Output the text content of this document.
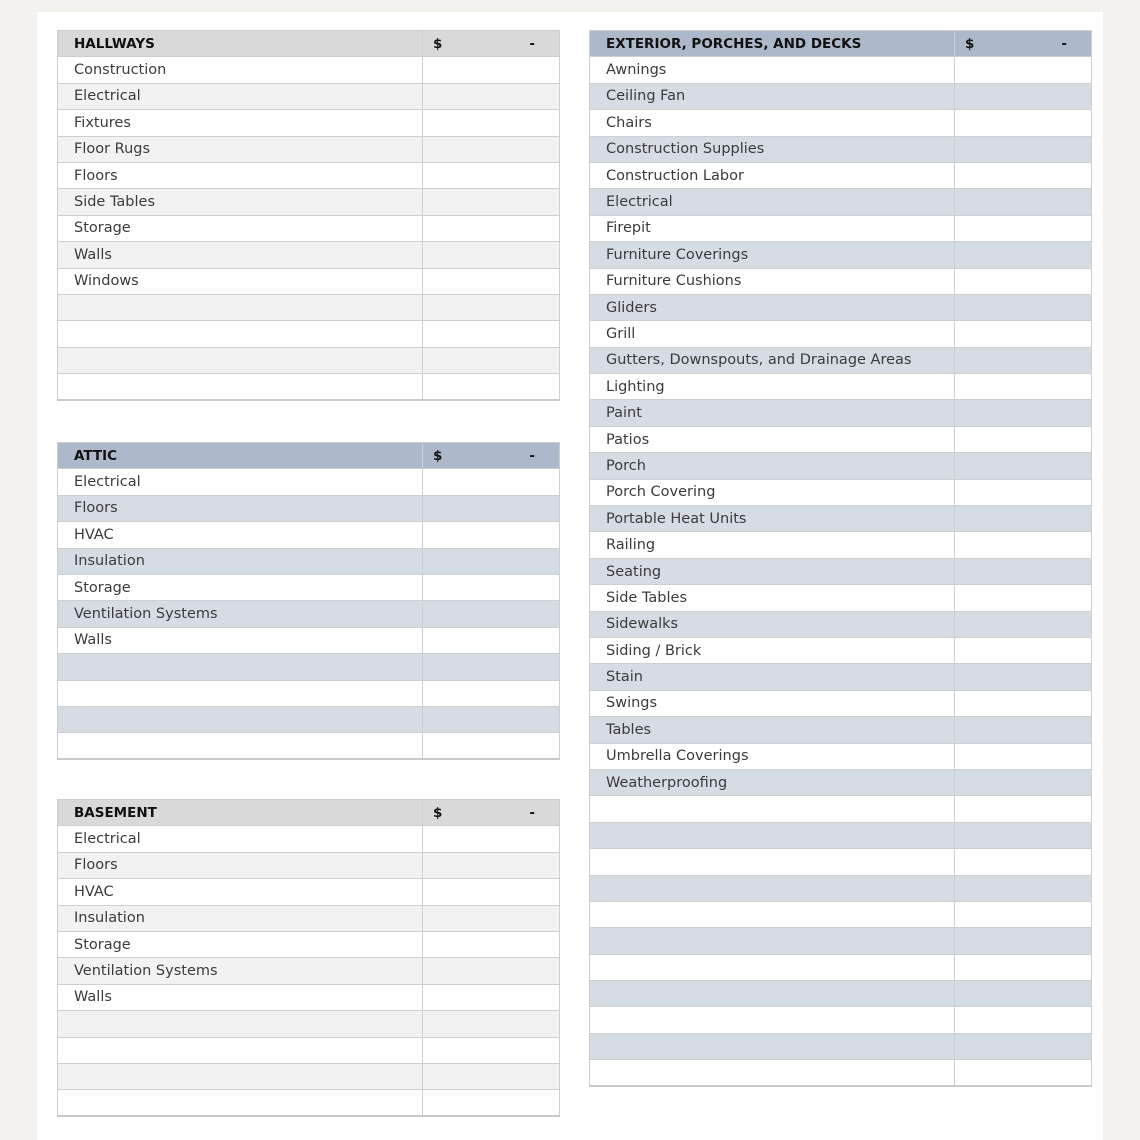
HALLWAYS	$ -

Construction	
Electrical	
Fixtures	
Floor Rugs	
Floors	
Side Tables	
Storage	
Walls	
Windows	

ATTIC	$ -

Electrical	
Floors	
HVAC	
Insulation	
Storage	
Ventilation Systems	
Walls	

BASEMENT	$ -

Electrical	
Floors	
HVAC	
Insulation	
Storage	
Ventilation Systems	
Walls	

EXTERIOR, PORCHES, AND DECKS	$ -

Awnings	
Ceiling Fan	
Chairs	
Construction Supplies	
Construction Labor	
Electrical	
Firepit	
Furniture Coverings	
Furniture Cushions	
Gliders	
Grill	
Gutters, Downspouts, and Drainage Areas	
Lighting	
Paint	
Patios	
Porch	
Porch Covering	
Portable Heat Units	
Railing	
Seating	
Side Tables	
Sidewalks	
Siding / Brick	
Stain	
Swings	
Tables	
Umbrella Coverings	
Weatherproofing	
